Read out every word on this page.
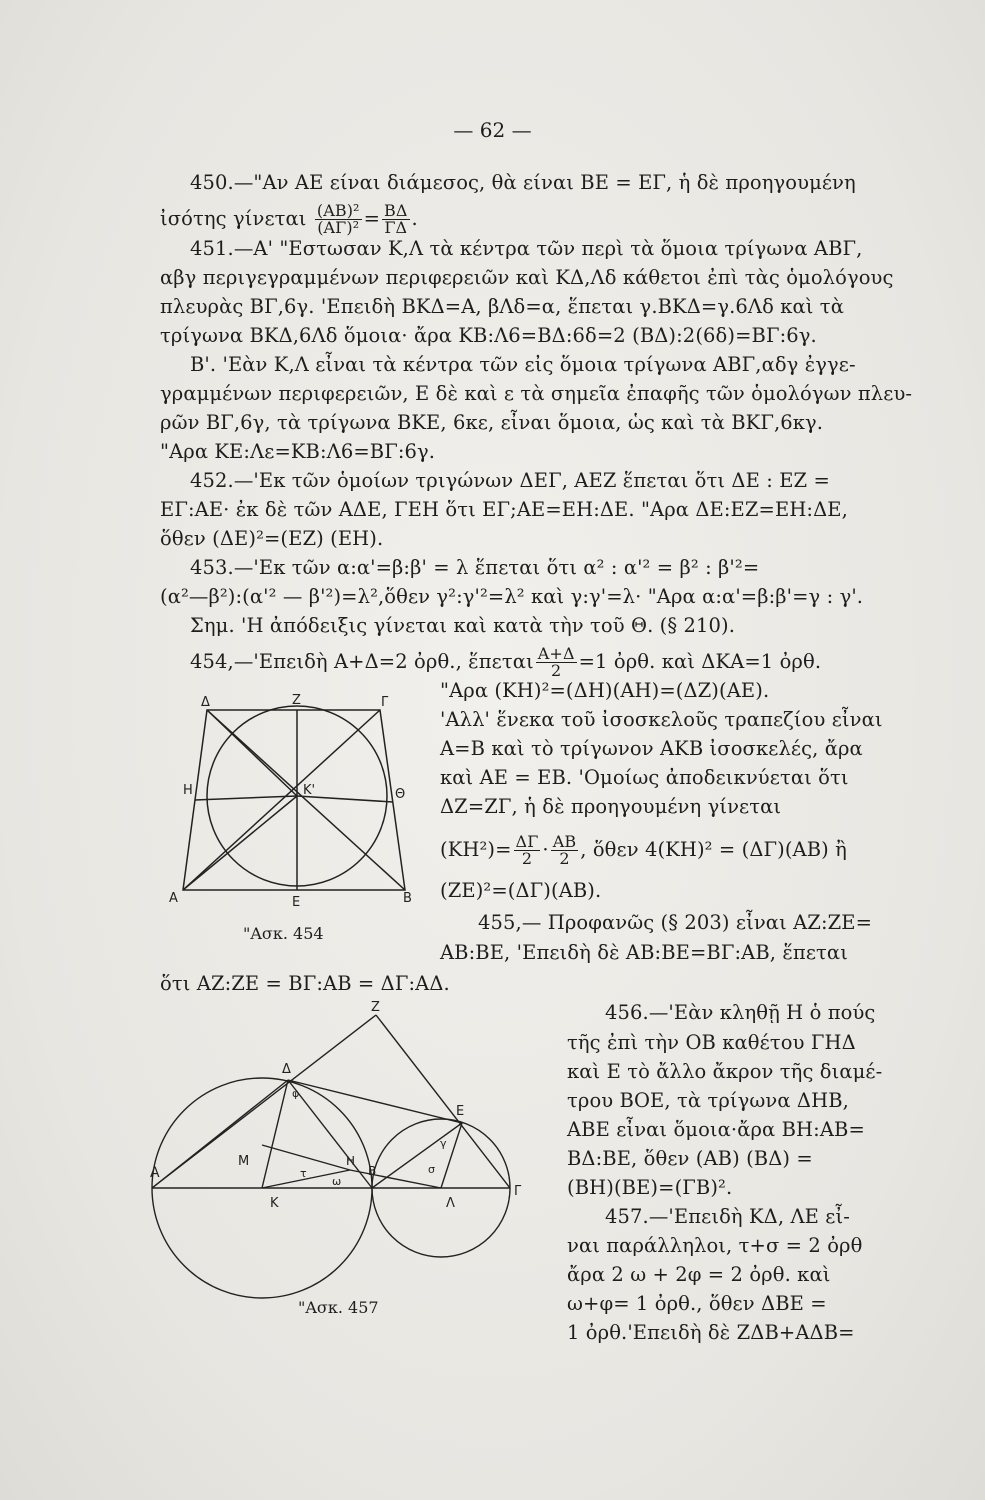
— 62 —
450.—"Αν ΑΕ είναι διάμεσος, θὰ είναι ΒΕ = ΕΓ, ἡ δὲ προηγουμένη
ἰσότης γίνεται $\frac{\text{(ΑΒ)²}}{\text{(ΑΓ)²}} = \frac{B\Delta}{\Gamma\Delta}$ .
451.—Α' "Εστωσαν Κ,Λ τὰ κέντρα τῶν περὶ τὰ ὅμοια τρίγωνα ΑΒΓ,
αβγ περιγεγραμμένων περιφερειῶν καὶ ΚΔ,Λδ κάθετοι ἐπὶ τὰς ὁμολόγους
πλευρὰς ΒΓ,6γ. 'Επειδὴ ΒΚΔ=Α, βΛδ=α, ἕπεται γ.ΒΚΔ=γ.6Λδ καὶ τὰ
τρίγωνα ΒΚΔ,6Λδ ὅμοια· ἄρα ΚΒ:Λ6=ΒΔ:6δ=2 (ΒΔ):2(6δ)=ΒΓ:6γ.
Β'. 'Εὰν Κ,Λ εἶναι τὰ κέντρα τῶν εἰς ὅμοια τρίγωνα ΑΒΓ,αδγ ἐγγε-
γραμμένων περιφερειῶν, Ε δὲ καὶ ε τὰ σημεῖα ἐπαφῆς τῶν ὁμολόγων πλευ-
ρῶν ΒΓ,6γ, τὰ τρίγωνα ΒΚΕ, 6κε, εἶναι ὅμοια, ὡς καὶ τὰ ΒΚΓ,6κγ.
"Αρα ΚΕ:Λε=ΚΒ:Λ6=ΒΓ:6γ.
452.—'Εκ τῶν ὁμοίων τριγώνων ΔΕΓ, ΑΕΖ ἕπεται ὅτι ΔΕ : ΕΖ =
ΕΓ:ΑΕ· ἐκ δὲ τῶν ΑΔΕ, ΓΕΗ ὅτι ΕΓ;ΑΕ=ΕΗ:ΔΕ. "Αρα ΔΕ:ΕΖ=ΕΗ:ΔΕ,
ὅθεν (ΔΕ)²=(ΕΖ) (ΕΗ).
453.—'Εκ τῶν α:α'=β:β' = λ ἕπεται ὅτι α² : α'² = β² : β'²=
(α²—β²):(α'² — β'²)=λ²,ὅθεν γ²:γ'²=λ² καὶ γ:γ'=λ· "Αρα α:α'=β:β'=γ : γ'.
Σημ. 'Η ἀπόδειξις γίνεται καὶ κατὰ τὴν τοῦ Θ. (§ 210).
454,—'Επειδὴ Α+Δ=2 ὀρθ., ἕπεται $\frac{A+\Delta}{2} =1$ ὀρθ. καὶ ΔΚΑ=1 ὀρθ.
"Αρα (ΚΗ)²=(ΔΗ)(ΑΗ)=(ΔΖ)(ΑΕ).
'Αλλ' ἕνεκα τοῦ ἰσοσκελοῦς τραπεζίου εἶναι
Α=Β καὶ τὸ τρίγωνον ΑΚΒ ἰσοσκελές, ἄρα
καὶ ΑΕ = ΕΒ. 'Ομοίως ἀποδεικνύεται ὅτι
ΔΖ=ΖΓ, ἡ δὲ προηγουμένη γίνεται
$(KH^2)= \frac{\Delta\Gamma}{2} \cdot \frac{AB}{2}$ , ὅθεν 4(ΚΗ)² = (ΔΓ)(ΑΒ) ἢ
(ΖΕ)²=(ΔΓ)(ΑΒ).
455,— Προφανῶς (§ 203) εἶναι ΑΖ:ΖΕ=
ΑΒ:ΒΕ, 'Επειδὴ δὲ ΑΒ:ΒΕ=ΒΓ:ΑΒ, ἕπεται
ὅτι ΑΖ:ΖΕ = ΒΓ:ΑΒ = ΔΓ:ΑΔ.
456.—'Εὰν κληθῇ Η ὁ πούς
τῆς ἐπὶ τὴν ΟΒ καθέτου ΓΗΔ
καὶ Ε τὸ ἄλλο ἄκρον τῆς διαμέ-
τρου ΒΟΕ, τὰ τρίγωνα ΔΗΒ,
ΑΒΕ εἶναι ὅμοια·ἄρα ΒΗ:ΑΒ=
ΒΔ:ΒΕ, ὅθεν (ΑΒ) (ΒΔ) =
(ΒΗ)(ΒΕ)=(ΓΒ)².
457.—'Επειδὴ ΚΔ, ΛΕ εἶ-
ναι παράλληλοι, τ+σ = 2 ὀρθ
ἄρα 2 ω + 2φ = 2 ὀρθ. καὶ
ω+φ= 1 ὀρθ., ὅθεν ΔΒΕ =
1 ὀρθ.'Επειδὴ δὲ ΖΔΒ+ΑΔΒ=
Δ	Z	Γ
Η	Κ'	Θ
Α	Ε	Β
"Ασκ. 454
Z
Δ
Ε
Μ
Α
Κ
Η
Β
Λ
Γ
ω
φ
τ	σ
γ
"Ασκ. 457
